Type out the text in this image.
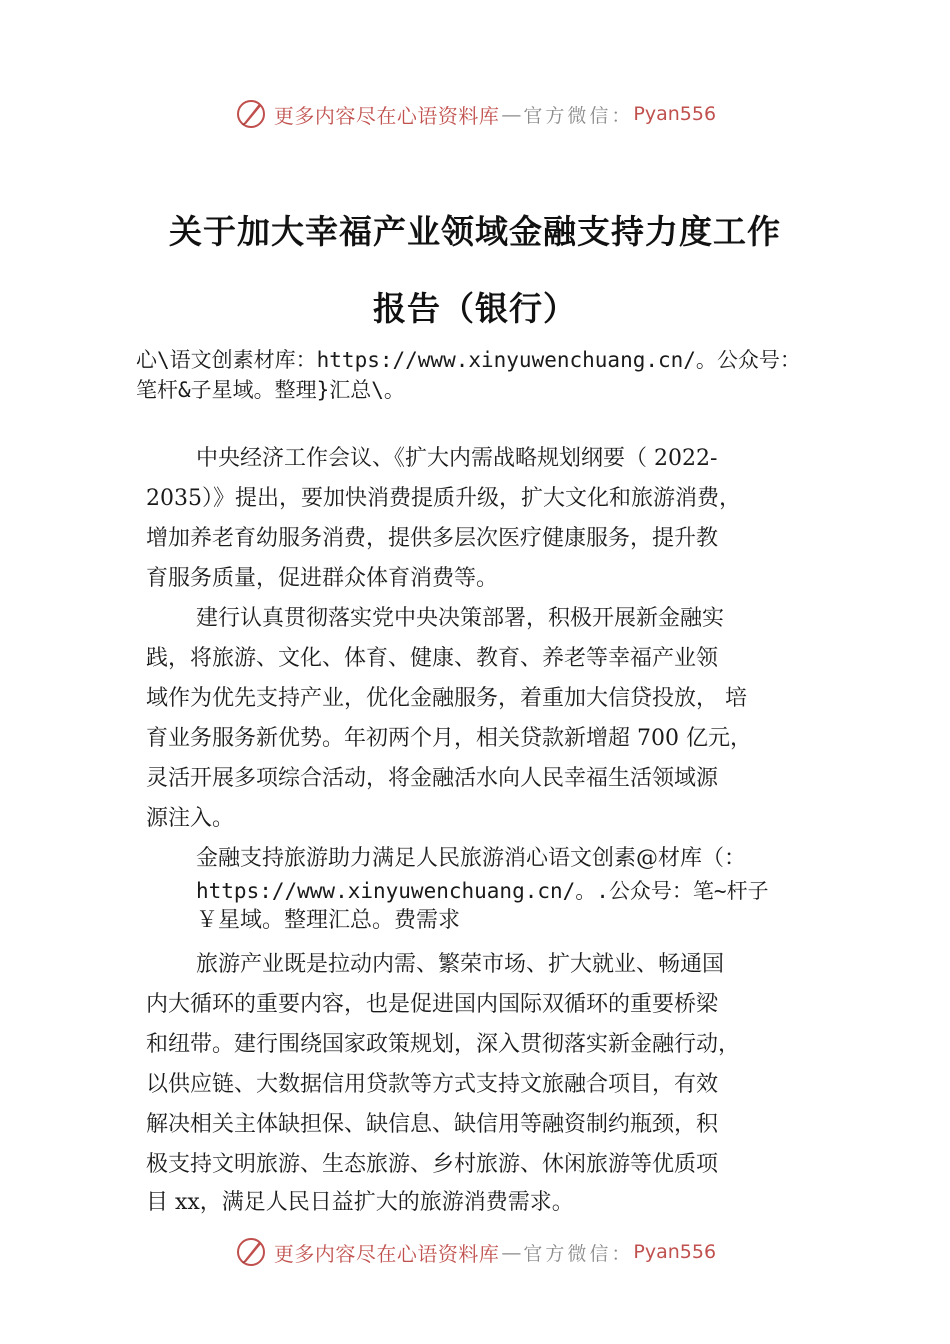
更多内容尽在心语资料库 — 官方微信： Pyan556
关于加大幸福产业领域金融支持力度工作
报告（银行）
心\语文创素材库：https://www.xinyuwenchuang.cn/。公众号：
笔杆&子星域。整理}汇总\。
中央经济工作会议、《扩大内需战略规划纲要（ 2022-
2035）》提出，要加快消费提质升级，扩大文化和旅游消费，
增加养老育幼服务消费，提供多层次医疗健康服务，提升教
育服务质量，促进群众体育消费等。
建行认真贯彻落实党中央决策部署，积极开展新金融实
践，将旅游、文化、体育、健康、教育、养老等幸福产业领
域作为优先支持产业，优化金融服务，着重加大信贷投放， 培
育业务服务新优势。年初两个月，相关贷款新增超 700 亿元，
灵活开展多项综合活动，将金融活水向人民幸福生活领域源
源注入。
金融支持旅游助力满足人民旅游消心语文创素@材库（：
https://www.xinyuwenchuang.cn/。.公众号：笔~杆子
￥星域。整理汇总。费需求
旅游产业既是拉动内需、繁荣市场、扩大就业、畅通国
内大循环的重要内容，也是促进国内国际双循环的重要桥梁
和纽带。建行围绕国家政策规划，深入贯彻落实新金融行动，
以供应链、大数据信用贷款等方式支持文旅融合项目，有效
解决相关主体缺担保、缺信息、缺信用等融资制约瓶颈，积
极支持文明旅游、生态旅游、乡村旅游、休闲旅游等优质项
目 xx，满足人民日益扩大的旅游消费需求。
更多内容尽在心语资料库 — 官方微信： Pyan556
